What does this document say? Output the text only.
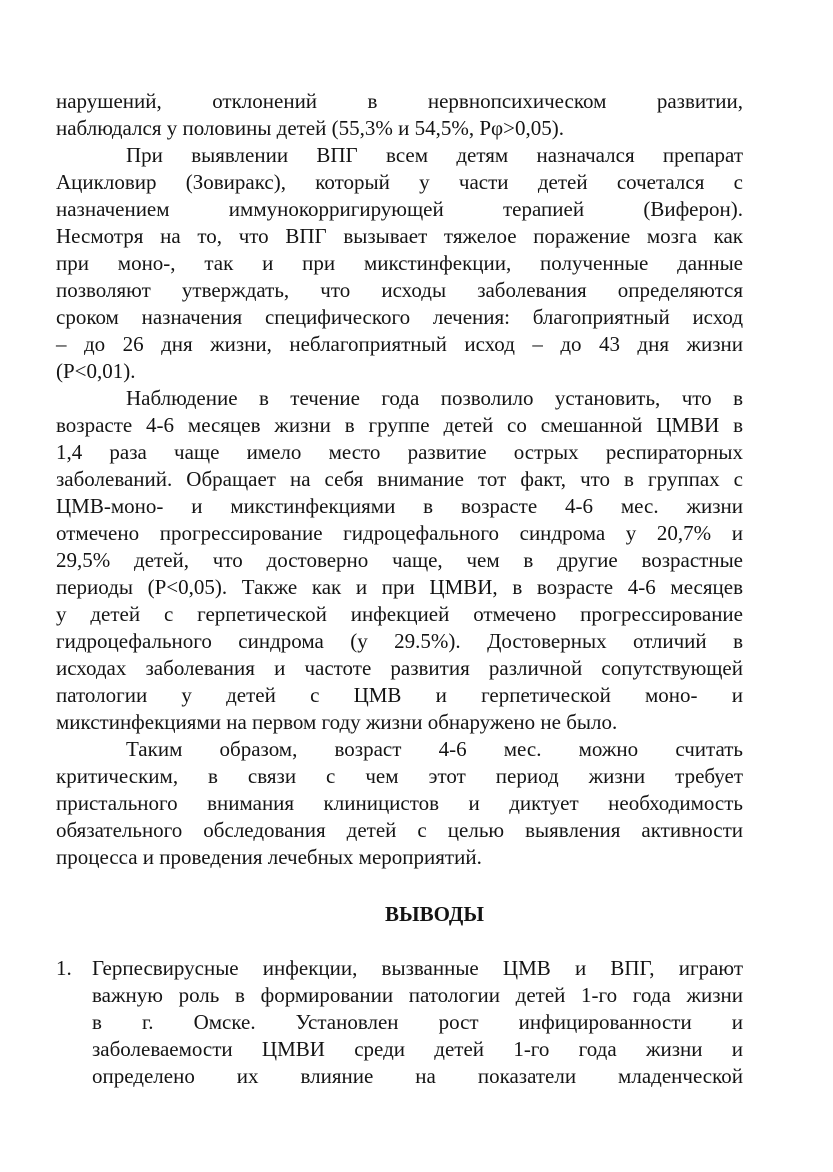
нарушений, отклонений в нервнопсихическом развитии,
наблюдался у половины детей (55,3% и 54,5%, Рφ>0,05).
При выявлении ВПГ всем детям назначался препарат
Ацикловир (Зовиракс), который у части детей сочетался с
назначением иммунокорригирующей терапией (Виферон).
Несмотря на то, что ВПГ вызывает тяжелое поражение мозга как
при моно-, так и при микстинфекции, полученные данные
позволяют утверждать, что исходы заболевания определяются
сроком назначения специфического лечения: благоприятный исход
– до 26 дня жизни, неблагоприятный исход – до 43 дня жизни
(Р<0,01).
Наблюдение в течение года позволило установить, что в
возрасте 4-6 месяцев жизни в группе детей со смешанной ЦМВИ в
1,4 раза чаще имело место развитие острых респираторных
заболеваний. Обращает на себя внимание тот факт, что в группах с
ЦМВ-моно- и микстинфекциями в возрасте 4-6 мес. жизни
отмечено прогрессирование гидроцефального синдрома у 20,7% и
29,5% детей, что достоверно чаще, чем в другие возрастные
периоды (Р<0,05). Также как и при ЦМВИ, в возрасте 4-6 месяцев
у детей с герпетической инфекцией отмечено прогрессирование
гидроцефального синдрома (у 29.5%). Достоверных отличий в
исходах заболевания и частоте развития различной сопутствующей
патологии у детей с ЦМВ и герпетической моно- и
микстинфекциями на первом году жизни обнаружено не было.
Таким образом, возраст 4-6 мес. можно считать
критическим, в связи с чем этот период жизни требует
пристального внимания клиницистов и диктует необходимость
обязательного обследования детей с целью выявления активности
процесса и проведения лечебных мероприятий.
ВЫВОДЫ
1. Герпесвирусные инфекции, вызванные ЦМВ и ВПГ, играют
важную роль в формировании патологии детей 1-го года жизни
в г. Омске. Установлен рост инфицированности и
заболеваемости ЦМВИ среди детей 1-го года жизни и
определено их влияние на показатели младенческой
